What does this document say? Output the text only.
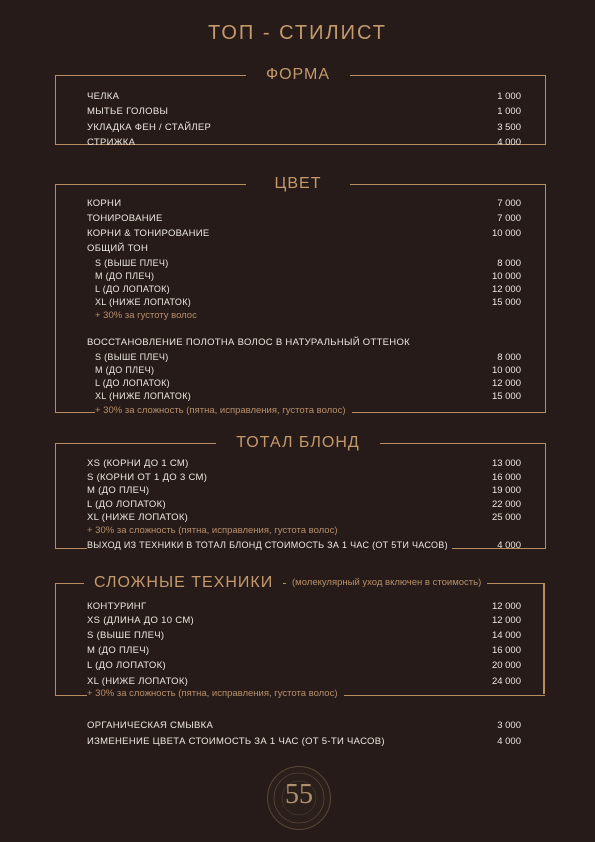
ТОП - СТИЛИСТ
ФОРМА
ЧЕЛКА	1 000
МЫТЬЕ ГОЛОВЫ	1 000
УКЛАДКА ФЕН / СТАЙЛЕР	3 500
СТРИЖКА	4 000
ЦВЕТ
КОРНИ	7 000
ТОНИРОВАНИЕ	7 000
КОРНИ & ТОНИРОВАНИЕ	10 000
ОБЩИЙ ТОН
S (ВЫШЕ ПЛЕЧ)	8 000
M (ДО ПЛЕЧ)	10 000
L (ДО ЛОПАТОК)	12 000
XL (НИЖЕ ЛОПАТОК)	15 000
+ 30% за густоту волос
ВОССТАНОВЛЕНИЕ ПОЛОТНА ВОЛОС В НАТУРАЛЬНЫЙ ОТТЕНОК
S (ВЫШЕ ПЛЕЧ)	8 000
M (ДО ПЛЕЧ)	10 000
L (ДО ЛОПАТОК)	12 000
XL (НИЖЕ ЛОПАТОК)	15 000
+ 30% за сложность (пятна, исправления, густота волос)
ТОТАЛ БЛОНД
XS (КОРНИ ДО 1 СМ)	13 000
S (КОРНИ ОТ 1 ДО 3 СМ)	16 000
M (ДО ПЛЕЧ)	19 000
L (ДО ЛОПАТОК)	22 000
XL (НИЖЕ ЛОПАТОК)	25 000
+ 30% за сложность (пятна, исправления, густота волос)
ВЫХОД ИЗ ТЕХНИКИ В ТОТАЛ БЛОНД СТОИМОСТЬ ЗА 1 ЧАС (ОТ 5ТИ ЧАСОВ)	4 000
СЛОЖНЫЕ ТЕХНИКИ	(молекулярный уход включен в стоимость)
КОНТУРИНГ	12 000
XS (ДЛИНА ДО 10 СМ)	12 000
S (ВЫШЕ ПЛЕЧ)	14 000
M (ДО ПЛЕЧ)	16 000
L (ДО ЛОПАТОК)	20 000
XL (НИЖЕ ЛОПАТОК)	24 000
+ 30% за сложность (пятна, исправления, густота волос)
ОРГАНИЧЕСКАЯ СМЫВКА	3 000
ИЗМЕНЕНИЕ ЦВЕТА СТОИМОСТЬ ЗА 1 ЧАС (ОТ 5-ТИ ЧАСОВ)	4 000
55
